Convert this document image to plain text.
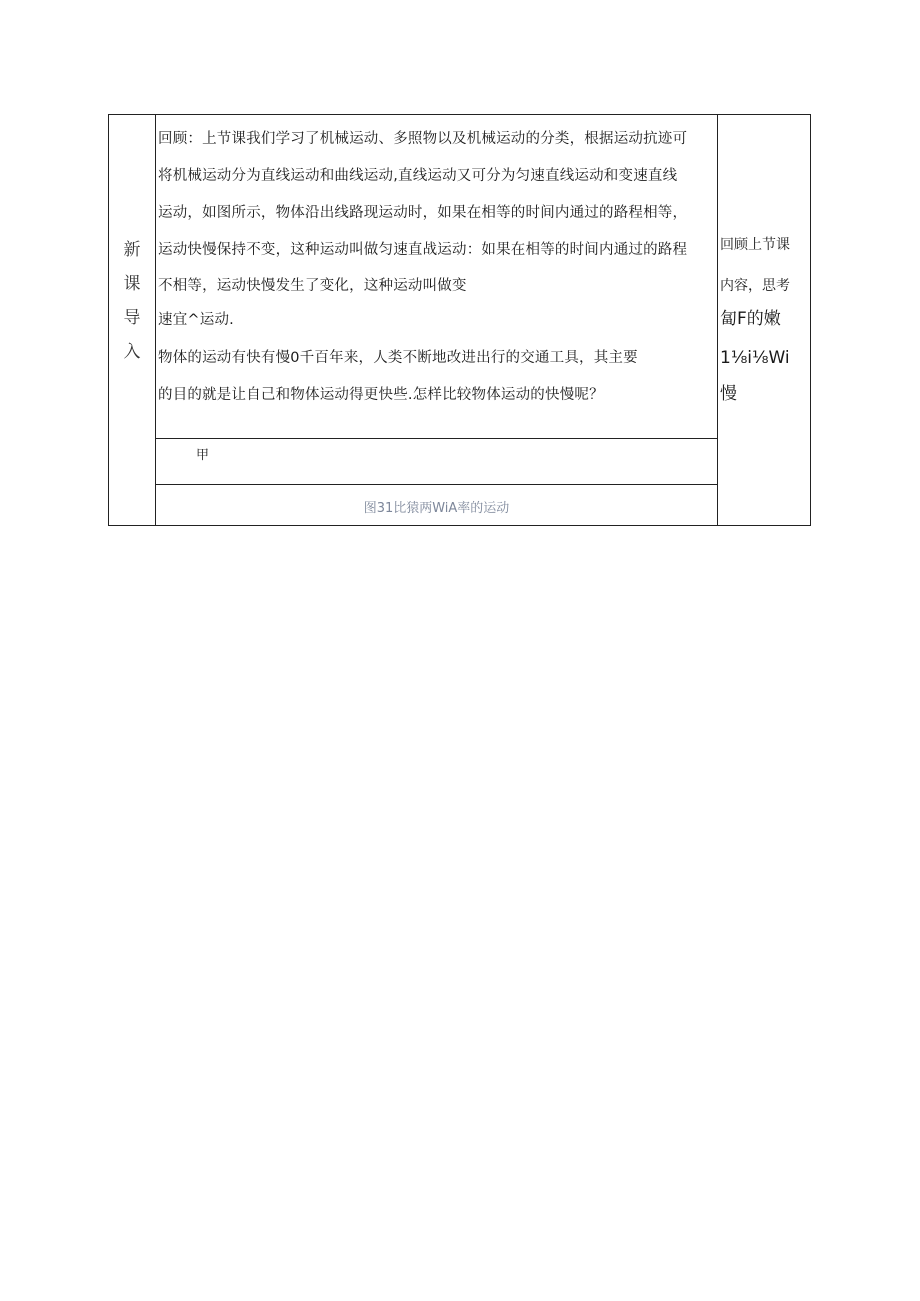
新
课
导
入
回顾：上节课我们学习了机械运动、多照物以及机械运动的分类，根据运动抗迹可
将机械运动分为直线运动和曲线运动,直线运动又可分为匀速直线运动和变速直线
运动，如图所示，物体沿出线路现运动时，如果在相等的时间内通过的路程相等，
运动快慢保持不变，这种运动叫做匀速直战运动：如果在相等的时间内通过的路程
不相等，运动快慢发生了变化，这种运动叫做变
速宜^运动.
物体的运动有快有慢0千百年来，人类不断地改进出行的交通工具，其主要
的目的就是让自己和物体运动得更快些.怎样比较物体运动的快慢呢？
甲
图31比猿两WiA率的运动
回顾上节课
内容，思考
匐F的嫩
1⅛i⅛Wi
慢
